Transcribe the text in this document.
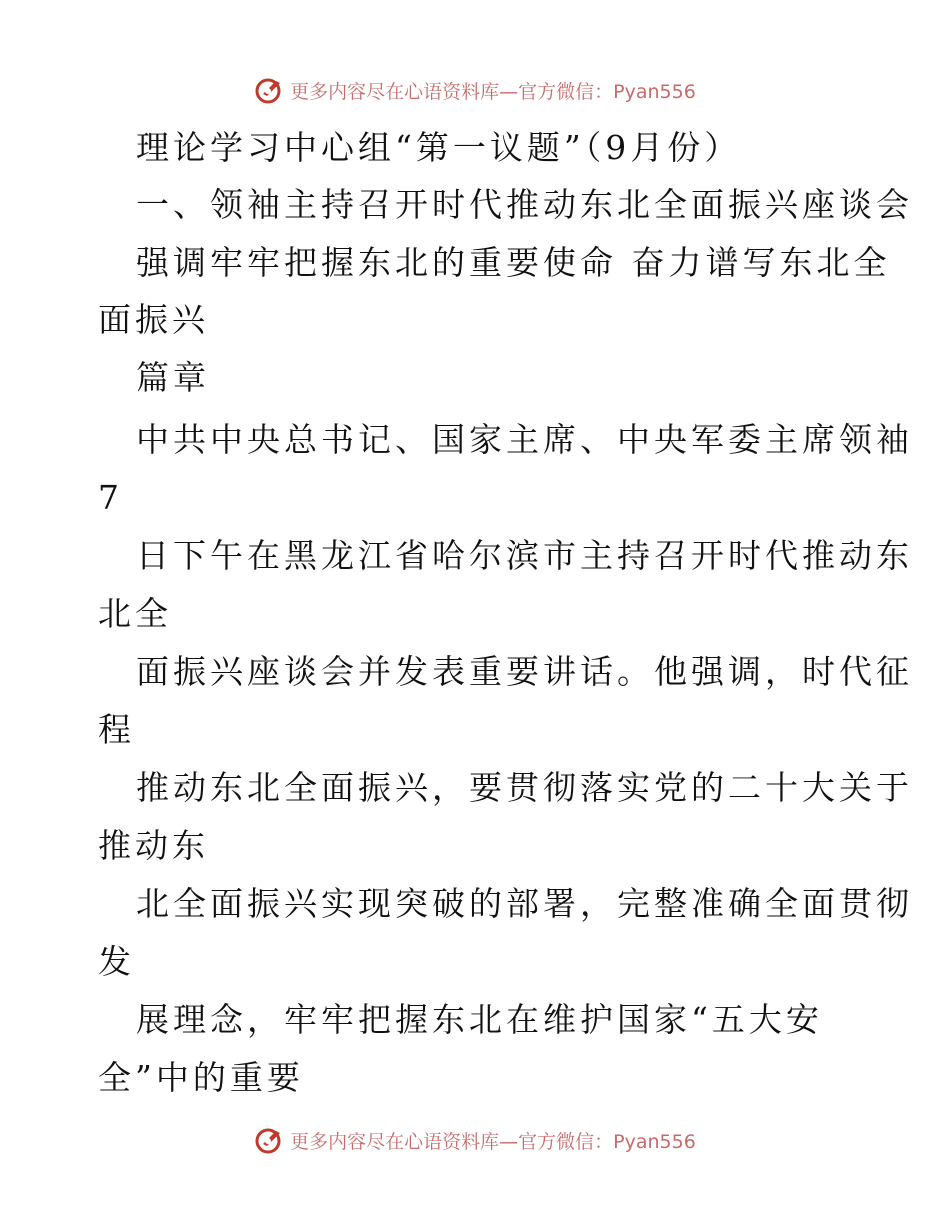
更多内容尽在心语资料库—官方微信：Pyan556
理论学习中心组“第一议题”（9月份）
一、领袖主持召开时代推动东北全面振兴座谈会
强调牢牢把握东北的重要使命 奋力谱写东北全
面振兴
篇章
中共中央总书记、国家主席、中央军委主席领袖
7
日下午在黑龙江省哈尔滨市主持召开时代推动东
北全
面振兴座谈会并发表重要讲话。他强调，时代征
程
推动东北全面振兴，要贯彻落实党的二十大关于
推动东
北全面振兴实现突破的部署，完整准确全面贯彻
发
展理念，牢牢把握东北在维护国家“五大安
全”中的重要
更多内容尽在心语资料库—官方微信：Pyan556
